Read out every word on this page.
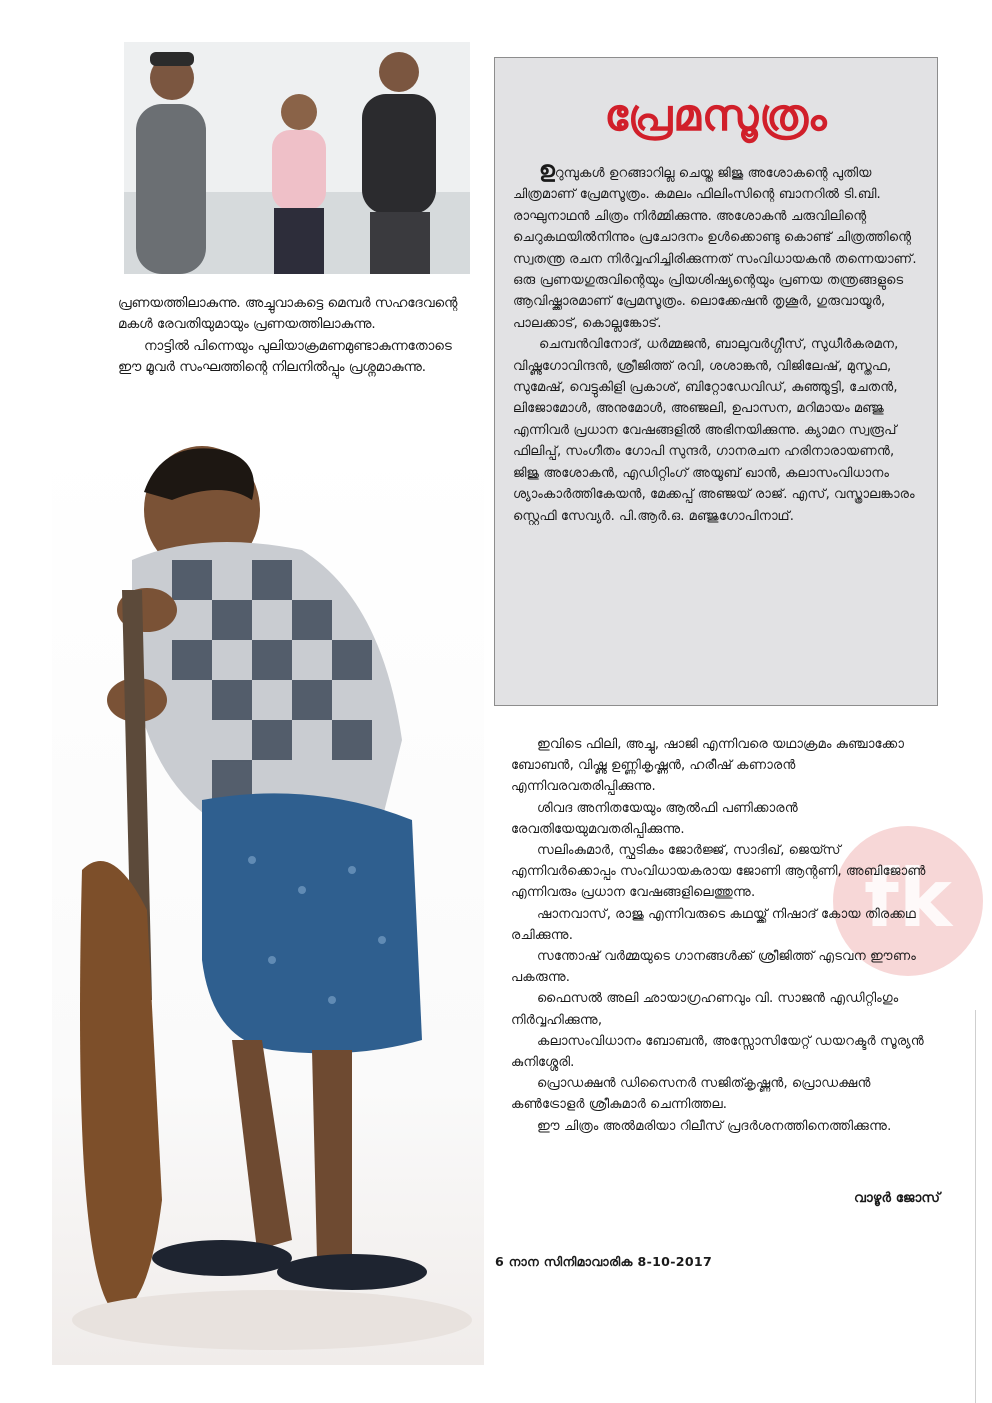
പ്രണയത്തിലാകുന്നു. അച്ചുവാകട്ടെ മെമ്പർ സഹദേവന്റെ മകൾ രേവതിയുമായും പ്രണയത്തിലാകുന്നു.

നാട്ടിൽ പിന്നെയും പുലിയാക്രമണമുണ്ടാകുന്നതോടെ ഈ മൂവർ സംഘത്തിന്റെ നിലനിൽപ്പും പ്രശ്നമാകുന്നു.

പ്രേമസൂത്രം

ഉറുമ്പുകൾ ഉറങ്ങാറില്ല ചെയ്ത ജിജു അശോകന്റെ പുതിയ ചിത്രമാണ് പ്രേമസൂത്രം. കമലം ഫിലിംസിന്റെ ബാനറിൽ ടി.ബി. രാഘുനാഥൻ ചിത്രം നിർമ്മിക്കുന്നു. അശോകൻ ചരുവിലിന്റെ ചെറുകഥയിൽനിന്നും പ്രചോദനം ഉൾക്കൊണ്ടു കൊണ്ട് ചിത്രത്തിന്റെ സ്വതന്ത്ര രചന നിർവ്വഹിച്ചിരിക്കുന്നത് സംവിധായകൻ തന്നെയാണ്. ഒരു പ്രണയഗുരുവിന്റെയും പ്രിയശിഷ്യന്റെയും പ്രണയ തന്ത്രങ്ങളുടെ ആവിഷ്ക്കാരമാണ് പ്രേമസൂത്രം. ലൊക്കേഷൻ തൃശൂർ, ഗുരുവായൂർ, പാലക്കാട്, കൊല്ലങ്കോട്.

ചെമ്പൻവിനോദ്, ധർമ്മജൻ, ബാലുവർഗ്ഗീസ്, സുധീർകരമന, വിഷ്ണുഗോവിന്ദൻ, ശ്രീജിത്ത് രവി, ശശാങ്കൻ, വിജിലേഷ്, മുസ്തഫ, സുമേഷ്, വെട്ടുകിളി പ്രകാശ്, ബിറ്റോഡേവിഡ്, കുഞ്ഞൂട്ടി, ചേതൻ, ലിജോമോൾ, അനുമോൾ, അഞ്ജലി, ഉപാസന, മറിമായം മഞ്ജു എന്നിവർ പ്രധാന വേഷങ്ങളിൽ അഭിനയിക്കുന്നു. ക്യാമറ സ്വരൂപ് ഫിലിപ്പ്, സംഗീതം ഗോപി സുന്ദർ, ഗാനരചന ഹരിനാരായണൻ, ജിജു അശോകൻ, എഡിറ്റിംഗ് അയൂബ് ഖാൻ, കലാസംവിധാനം ശ്യാംകാർത്തികേയൻ, മേക്കപ്പ് അഞ്ജയ് രാജ്. എസ്, വസ്ത്രാലങ്കാരം സ്റ്റെഫി സേവ്യർ. പി.ആർ.ഒ. മഞ്ജുഗോപിനാഥ്.

fk

ഇവിടെ ഫിലി, അച്ചു, ഷാജി എന്നിവരെ യഥാക്രമം കുഞ്ചാക്കോ ബോബൻ, വിഷ്ണു ഉണ്ണികൃഷ്ണൻ, ഹരീഷ് കണാരൻ എന്നിവരവതരിപ്പിക്കുന്നു.

ശിവദ അനിതയേയും ആൽഫി പണിക്കാരൻ രേവതിയേയുമവതരിപ്പിക്കുന്നു.

സലിംകുമാർ, സ്ഫടികം ജോർജ്ജ്, സാദിഖ്, ജെയ്സ് എന്നിവർക്കൊപ്പം സംവിധായകരായ ജോണി ആന്റണി, അബിജോൺ എന്നിവരും പ്രധാന വേഷങ്ങളിലെത്തുന്നു.

ഷാനവാസ്, രാജു എന്നിവരുടെ കഥയ്ക്ക് നിഷാദ് കോയ തിരക്കഥ രചിക്കുന്നു.

സന്തോഷ് വർമ്മയുടെ ഗാനങ്ങൾക്ക് ശ്രീജിത്ത് എടവന ഈണം പകരുന്നു.

ഫൈസൽ അലി ഛായാഗ്രഹണവും വി. സാജൻ എഡിറ്റിംഗും നിർവ്വഹിക്കുന്നു,

കലാസംവിധാനം ബോബൻ, അസ്സോസിയേറ്റ് ഡയറക്ടർ സൂര്യൻ കുനിശ്ശേരി.

പ്രൊഡക്ഷൻ ഡിസൈനർ സജിത്കൃഷ്ണൻ, പ്രൊഡക്ഷൻ കൺട്രോളർ ശ്രീകുമാർ ചെന്നിത്തല.

ഈ ചിത്രം അൽമരിയാ റിലീസ് പ്രദർശനത്തിനെത്തിക്കുന്നു.

വാഴൂർ ജോസ്
6 നാന സിനിമാവാരിക 8-10-2017
